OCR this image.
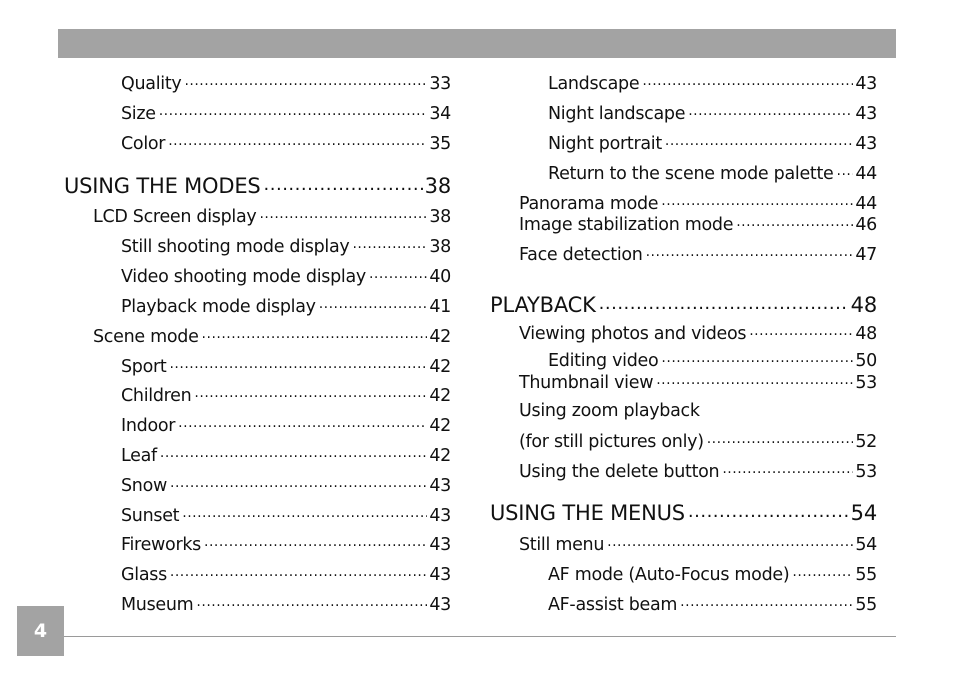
Quality .....	33
Size .....	34
Color .....	35
USING THE MODES .....	38
LCD Screen display .....	38
Still shooting mode display .....	38
Video shooting mode display .....	40
Playback mode display .....	41
Scene mode .....	42
Sport .....	42
Children .....	42
Indoor .....	42
Leaf .....	42
Snow .....	43
Sunset .....	43
Fireworks .....	43
Glass .....	43
Museum .....	43
Landscape .....	43
Night landscape .....	43
Night portrait .....	43
Return to the scene mode palette ..... 44
Panorama mode .....	44
Image stabilization mode .....	46
Face detection .....	47
PLAYBACK .....	48
Viewing photos and videos .....	48
Editing video .....	50
Thumbnail view .....	53
Using zoom playback
(for still pictures only) .....	52
Using the delete button .....	53
USING THE MENUS .....	54
Still menu .....	54
AF mode (Auto-Focus mode) .....	55
AF-assist beam .....	55
4
